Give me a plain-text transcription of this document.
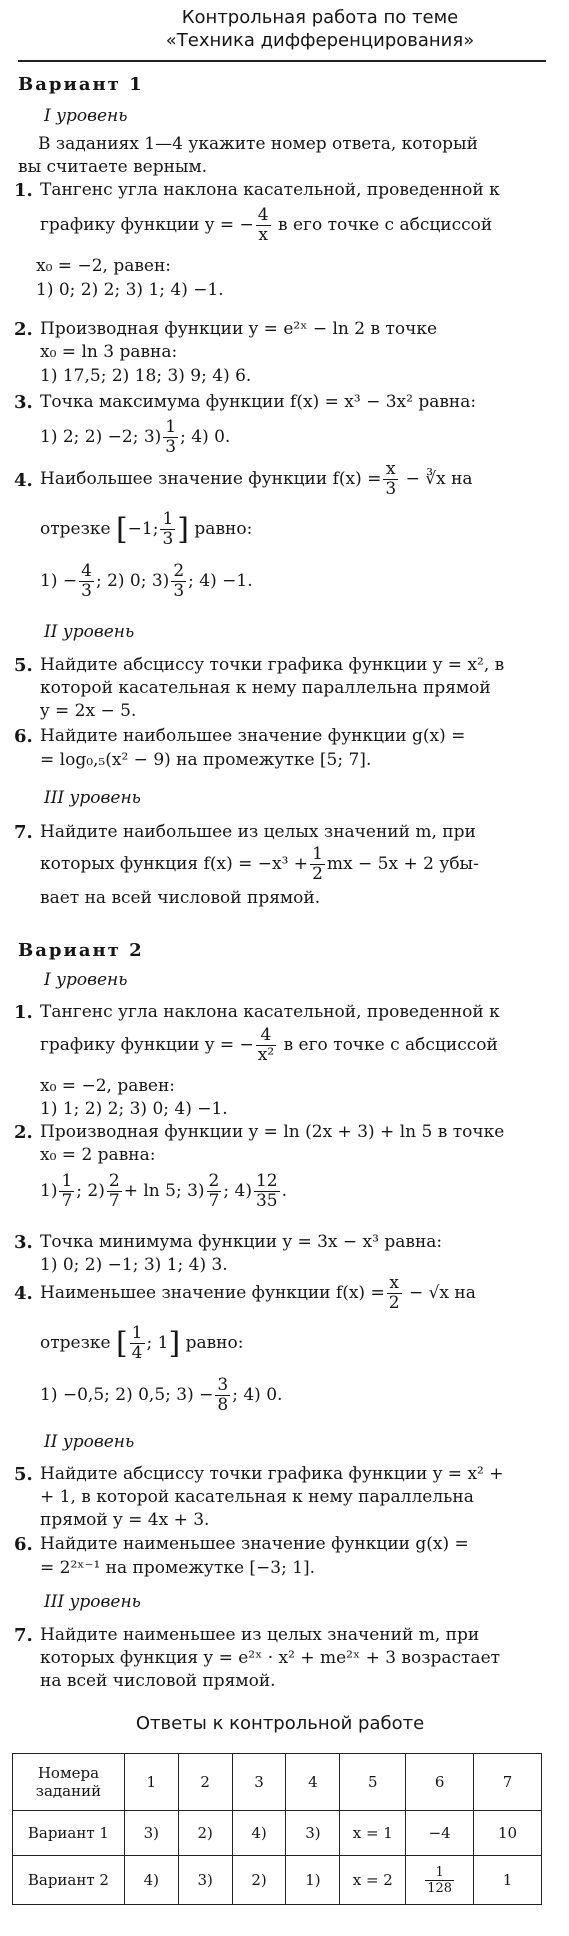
Контрольная работа по теме
«Техника дифференцирования»
Вариант 1
I уровень
В заданиях 1—4 укажите номер ответа, который
вы считаете верным.
1. Тангенс угла наклона касательной, проведенной к
графику функции y = − $\frac{4}{x}$ в его точке с абсциссой
x₀ = −2, равен:
1) 0; 2) 2; 3) 1; 4) −1.
2. Производная функции y = e²ˣ − ln 2 в точке
x₀ = ln 3 равна:
1) 17,5; 2) 18; 3) 9; 4) 6.
3. Точка максимума функции f(x) = x³ − 3x² равна:
1) 2; 2) −2; $3) \frac{1}{3}$ ; 4) 0.
4. Наибольшее значение функции $f(x) = \frac{x}{3}$ − ∛x на
отрезке [−1; $\frac{1}{3}$ ] равно:
$1) - \frac{4}{3}$ ; 2) 0; $3) \frac{2}{3}$ ; 4) −1.
II уровень
5. Найдите абсциссу точки графика функции y = x², в
которой касательная к нему параллельна прямой
y = 2x − 5.
6. Найдите наибольшее значение функции g(x) =
= log₀,₅(x² − 9) на промежутке [5; 7].
III уровень
7. Найдите наибольшее из целых значений m, при
которых функция $f(x) = -x^3 + \frac{1}{2}$ mx − 5x + 2 убы-
вает на всей числовой прямой.
Вариант 2
I уровень
1. Тангенс угла наклона касательной, проведенной к
графику функции y = − $\frac{4}{\text{x²}}$ в его точке с абсциссой
x₀ = −2, равен:
1) 1; 2) 2; 3) 0; 4) −1.
2. Производная функции y = ln (2x + 3) + ln 5 в точке
x₀ = 2 равна:
$1) \frac{1}{7}$ ; $2) \frac{2}{7} + \ln 5$; $3) \frac{2}{7}$ ; $4) \frac{12}{35}$ .
3. Точка минимума функции y = 3x − x³ равна:
1) 0; 2) −1; 3) 1; 4) 3.
4. Наименьшее значение функции $f(x) = \frac{x}{2} - √x$ на
отрезке [ $\frac{1}{4}$ ; 1] равно:
1) −0,5; 2) 0,5; $3) - \frac{3}{8}$ ; 4) 0.
II уровень
5. Найдите абсциссу точки графика функции y = x² +
+ 1, в которой касательная к нему параллельна
прямой y = 4x + 3.
6. Найдите наименьшее значение функции g(x) =
= 2²ˣ⁻¹ на промежутке [−3; 1].
III уровень
7. Найдите наименьшее из целых значений m, при
которых функция y = e²ˣ · x² + me²ˣ + 3 возрастает
на всей числовой прямой.
Ответы к контрольной работе
Номера
заданий	1	2	3	4	5	6	7
Вариант 1	3)	2)	4)	3)	x = 1	−4	10
Вариант 2	4)	3)	2)	1)	x = 2	$\frac{1}{128}$	1
